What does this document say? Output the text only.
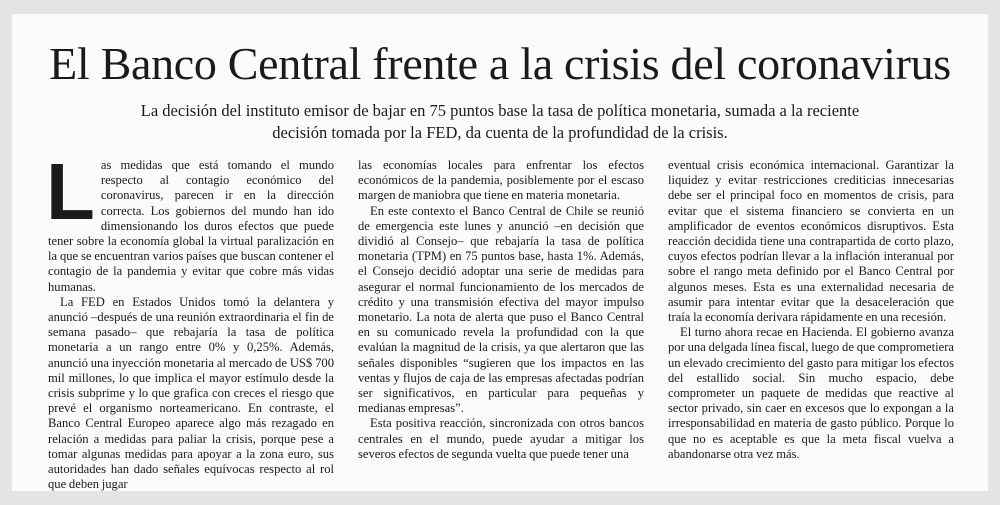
El Banco Central frente a la crisis del coronavirus

La decisión del instituto emisor de bajar en 75 puntos base la tasa de política monetaria, sumada a la reciente decisión tomada por la FED, da cuenta de la profundidad de la crisis.

Las medidas que está tomando el mundo respecto al contagio económico del coronavirus, parecen ir en la dirección correcta. Los gobiernos del mundo han ido dimensionando los duros efectos que puede tener sobre la economía global la virtual paralización en la que se encuentran varios países que buscan contener el contagio de la pandemia y evitar que cobre más vidas humanas.

La FED en Estados Unidos tomó la delantera y anunció –después de una reunión extraordinaria el fin de semana pasado– que rebajaría la tasa de política monetaria a un rango entre 0% y 0,25%. Además, anunció una inyección monetaria al mercado de US$ 700 mil millones, lo que implica el mayor estímulo desde la crisis subprime y lo que grafica con creces el riesgo que prevé el organismo norteamericano. En contraste, el Banco Central Europeo aparece algo más rezagado en relación a medidas para paliar la crisis, porque pese a tomar algunas medidas para apoyar a la zona euro, sus autoridades han dado señales equívocas respecto al rol que deben jugar

las economías locales para enfrentar los efectos económicos de la pandemia, posiblemente por el escaso margen de maniobra que tiene en materia monetaria.

En este contexto el Banco Central de Chile se reunió de emergencia este lunes y anunció –en decisión que dividió al Consejo– que rebajaría la tasa de política monetaria (TPM) en 75 puntos base, hasta 1%. Además, el Consejo decidió adoptar una serie de medidas para asegurar el normal funcionamiento de los mercados de crédito y una transmisión efectiva del mayor impulso monetario. La nota de alerta que puso el Banco Central en su comunicado revela la profundidad con la que evalúan la magnitud de la crisis, ya que alertaron que las señales disponibles “sugieren que los impactos en las ventas y flujos de caja de las empresas afectadas podrían ser significativos, en particular para pequeñas y medianas empresas”.

Esta positiva reacción, sincronizada con otros bancos centrales en el mundo, puede ayudar a mitigar los severos efectos de segunda vuelta que puede tener una

eventual crisis económica internacional. Garantizar la liquidez y evitar restricciones crediticias innecesarias debe ser el principal foco en momentos de crisis, para evitar que el sistema financiero se convierta en un amplificador de eventos económicos disruptivos. Esta reacción decidida tiene una contrapartida de corto plazo, cuyos efectos podrían llevar a la inflación interanual por sobre el rango meta definido por el Banco Central por algunos meses. Esta es una externalidad necesaria de asumir para intentar evitar que la desaceleración que traía la economía derivara rápidamente en una recesión.

El turno ahora recae en Hacienda. El gobierno avanza por una delgada línea fiscal, luego de que comprometiera un elevado crecimiento del gasto para mitigar los efectos del estallido social. Sin mucho espacio, debe comprometer un paquete de medidas que reactive al sector privado, sin caer en excesos que lo expongan a la irresponsabilidad en materia de gasto público. Porque lo que no es aceptable es que la meta fiscal vuelva a abandonarse otra vez más.
